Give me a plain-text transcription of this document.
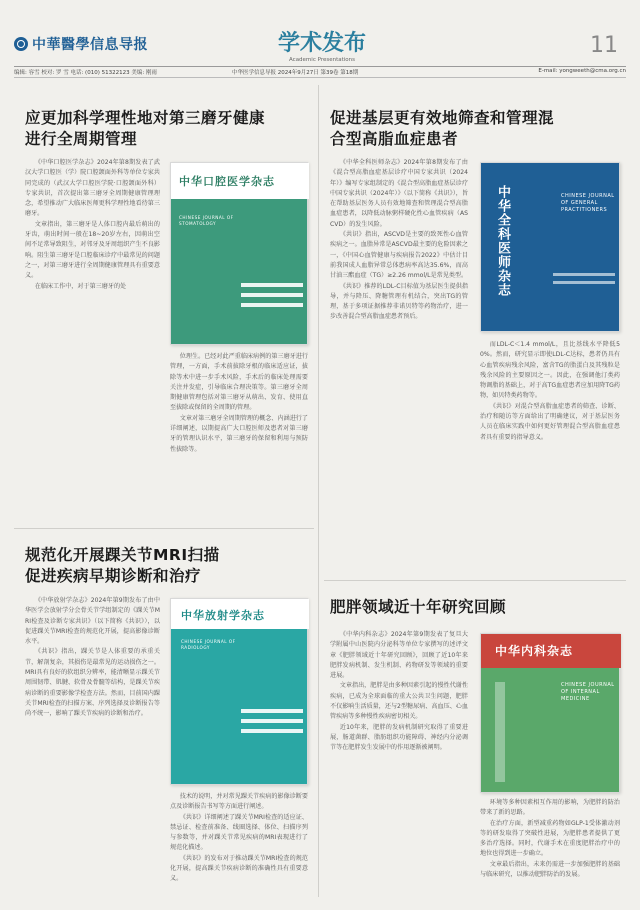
中華醫學信息导报	学术发布
Academic Presentations
11
编辑: 容雪 校对: 罗 雪 电话: (010) 51322123 美编: 刚雨	中华医学信息导报 2024年9月27日 第39卷 第18期	E-mail: yongweeth@cma.org.cn
应更加科学理性地对第三磨牙健康
进行全周期管理

《中华口腔医学杂志》2024年第8期发表了武汉大学口腔医（学）院口腔颌面外科等单位专家共同完成的（武汉大学口腔医学院·口腔颌面外科）专家共识，首次提出第三磨牙全周期健康管理理念，希望推动广大临床医师更科学理性地看待第三磨牙。

文章指出，第三磨牙是人体口腔内最后萌出的牙齿，萌出时间一般在18~20岁左右，因萌出空间不足常导致阻生，对邻牙及牙周组织产生不良影响。阻生第三磨牙是口腔临床诊疗中最常见的问题之一，对第三磨牙进行全周期健康管理具有重要意义。

在临床工作中，对于第三磨牙的处

中华口腔医学杂志
CHINESE JOURNAL OF STOMATOLOGY

位理生。已经对此严重临床病例的第三磨牙进行管理，一方面，手术前拔除牙根的临床适应证，拔除等术中进一步手术风险，手术后的临床处理需要关注并发症，引导临床合理决策等。第三磨牙全周期健康管理包括对第三磨牙从萌出、发育、使用直至拔除或保留的全周期的管理。

文章对第三磨牙全周期管理的概念、内涵进行了详细阐述，以期提高广大口腔医师及患者对第三磨牙的管理认识水平，第三磨牙的保留和利用与预防性拔除等。

促进基层更有效地筛查和管理混
合型高脂血症患者

《中华全科医师杂志》2024年第8期发布了由《混合型高脂血症基层诊疗中国专家共识（2024年）》编写专家组制定的《混合型高脂血症基层诊疗中国专家共识（2024年）》（以下简称《共识》），旨在帮助基层医务人员有效地筛查和管理混合型高脂血症患者，以降低动脉粥样硬化性心血管疾病（ASCVD）的发生风险。

《共识》指出，ASCVD是主要的致死性心血管疾病之一。血脂异常是ASCVD最主要的危险因素之一，《中国心血管健康与疾病报告2022》中估计目前我国成人血脂异常总体患病率高达35.6%，而高甘油三酯血症（TG）≥2.26 mmol/L是常见类型。

《共识》推荐的LDL-C目标值为基层医生提供指导，并与降压、降糖管理有机结合，突出TG的管理，基于多项证据推荐非诺贝特等药物治疗，进一步改善混合型高脂血症患者预后。

中华全科医师杂志	CHINESE JOURNAL OF GENERAL PRACTITIONERS

而LDL-C＜1.4 mmol/L，且比基线水平降低50%。然而，研究显示即使LDL-C达标，患者仍具有心血管疾病残余风险，富含TG的脂蛋白及其残粒是残余风险的主要原因之一。因此，在强调他汀类药物调脂的基础上，对于高TG血症患者应加用降TG药物，如贝特类药物等。

《共识》对混合型高脂血症患者的筛查、诊断、治疗和随访等方面给出了明确建议，对于基层医务人员在临床实践中如何更好管理混合型高脂血症患者具有重要的指导意义。

规范化开展踝关节MRI扫描
促进疾病早期诊断和治疗

《中华放射学杂志》2024年第9期发布了由中华医学会放射学分会骨关节学组制定的《踝关节MRI检查及诊断专家共识》（以下简称《共识》），以促进踝关节MRI检查的规范化开展，提高影像诊断水平。

《共识》指出，踝关节是人体重要的承重关节，解剖复杂，其损伤是最常见的运动损伤之一。MRI具有良好的软组织分辨率，能清晰显示踝关节周围韧带、肌腱、软骨及骨髓等结构，是踝关节疾病诊断的重要影像学检查方法。然而，目前国内踝关节MRI检查的扫描方案、序列选择及诊断报告等尚不统一，影响了踝关节疾病的诊断和治疗。

中华放射学杂志
CHINESE JOURNAL OF RADIOLOGY

技术的说明，并对常见踝关节疾病的影像诊断要点及诊断报告书写等方面进行阐述。

《共识》详细阐述了踝关节MRI检查的适应证、禁忌证、检查前准备、线圈选择、体位、扫描序列与参数等，并对踝关节常见疾病的MRI表现进行了规范化描述。

《共识》的发布对于推动踝关节MRI检查的规范化开展，提高踝关节疾病诊断的准确性具有重要意义。

肥胖领域近十年研究回顾

《中华内科杂志》2024年第9期发表了复旦大学附属中山医院内分泌科等单位专家撰写的述评文章《肥胖领域近十年研究回顾》，回顾了近10年来肥胖发病机制、发生机制、药物研发等领域的重要进展。

文章指出，肥胖是由多种因素引起的慢性代谢性疾病，已成为全球面临的重大公共卫生问题，肥胖不仅影响生活质量，还与2型糖尿病、高血压、心血管疾病等多种慢性疾病密切相关。

近10年来，肥胖的发病机制研究取得了重要进展，肠道菌群、脂肪组织功能障碍、神经内分泌调节等在肥胖发生发展中的作用逐渐被阐明。

中华内科杂志
CHINESE JOURNAL OF INTERNAL MEDICINE

环境等多种因素相互作用的影响，为肥胖的防治带来了新的思路。

在治疗方面，新型减重药物如GLP-1受体激动剂等的研发取得了突破性进展，为肥胖患者提供了更多治疗选择。同时，代谢手术在重度肥胖治疗中的地位也得到进一步确立。

文章最后指出，未来仍需进一步加强肥胖的基础与临床研究，以推动肥胖防治的发展。
